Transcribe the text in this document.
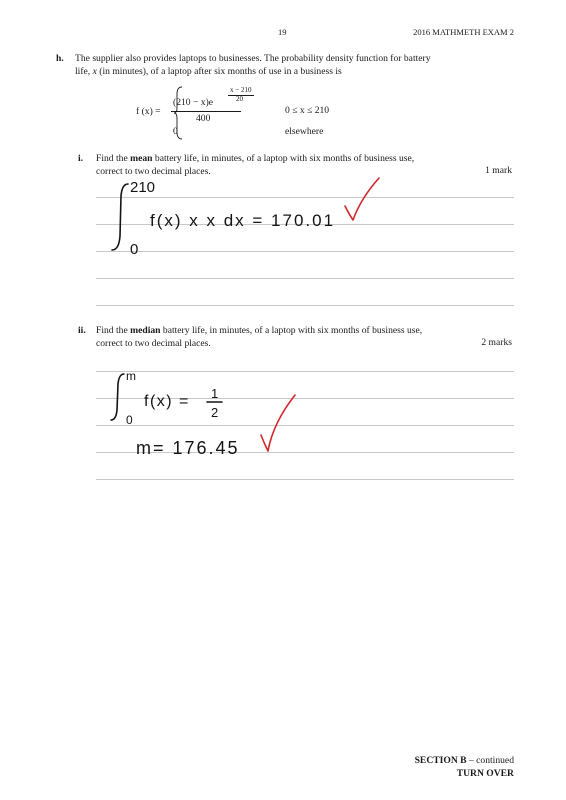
19	2016 MATHMETH EXAM 2
h. The supplier also provides laptops to businesses. The probability density function for battery
life, x (in minutes), of a laptop after six months of use in a business is
f (x) =
x − 210
20
(210 − x)e
400
0 ≤ x ≤ 210
0	elsewhere
i. Find the mean battery life, in minutes, of a laptop with six months of business use,
correct to two decimal places.	1 mark
210
0
f(x) x x dx = 170.01
ii. Find the median battery life, in minutes, of a laptop with six months of business use,
correct to two decimal places.	2 marks
m
0
f(x) = 1
2
m= 176.45
SECTION B – continued
TURN OVER
